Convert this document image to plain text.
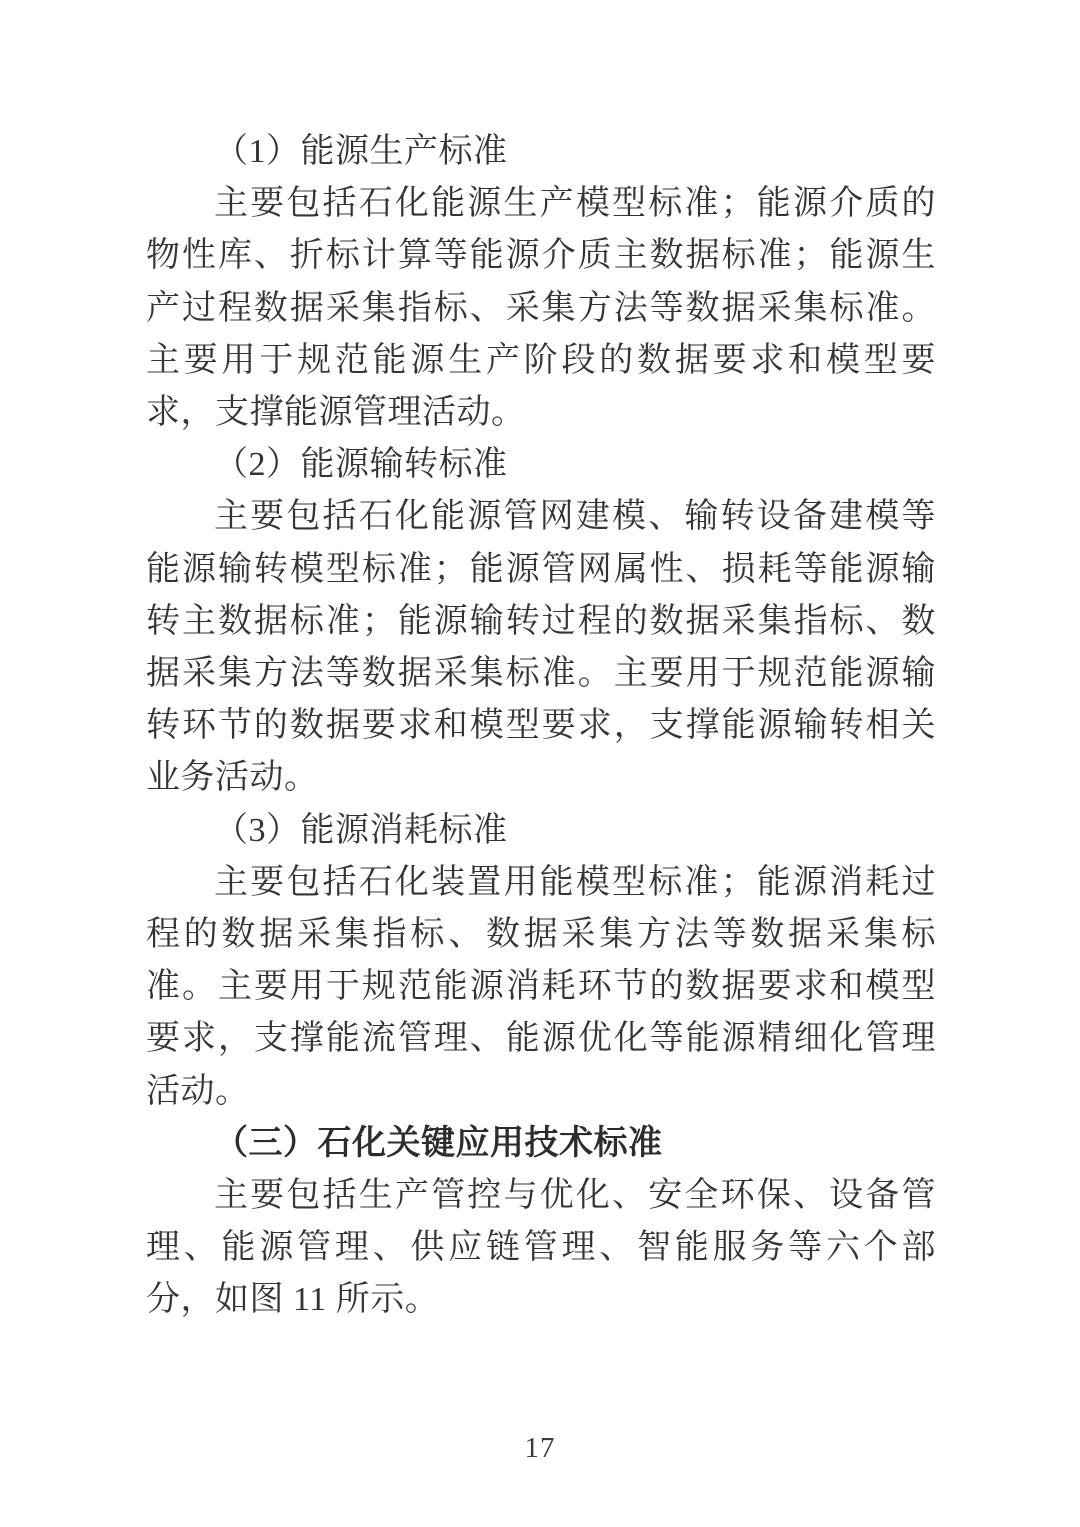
（1）能源生产标准

主要包括石化能源生产模型标准；能源介质的物性库、折标计算等能源介质主数据标准；能源生产过程数据采集指标、采集方法等数据采集标准。主要用于规范能源生产阶段的数据要求和模型要求，支撑能源管理活动。

（2）能源输转标准

主要包括石化能源管网建模、输转设备建模等能源输转模型标准；能源管网属性、损耗等能源输转主数据标准；能源输转过程的数据采集指标、数据采集方法等数据采集标准。主要用于规范能源输转环节的数据要求和模型要求，支撑能源输转相关业务活动。

（3）能源消耗标准

主要包括石化装置用能模型标准；能源消耗过程的数据采集指标、数据采集方法等数据采集标准。主要用于规范能源消耗环节的数据要求和模型要求，支撑能流管理、能源优化等能源精细化管理活动。

（三）石化关键应用技术标准

主要包括生产管控与优化、安全环保、设备管理、能源管理、供应链管理、智能服务等六个部分，如图 11 所示。

17
